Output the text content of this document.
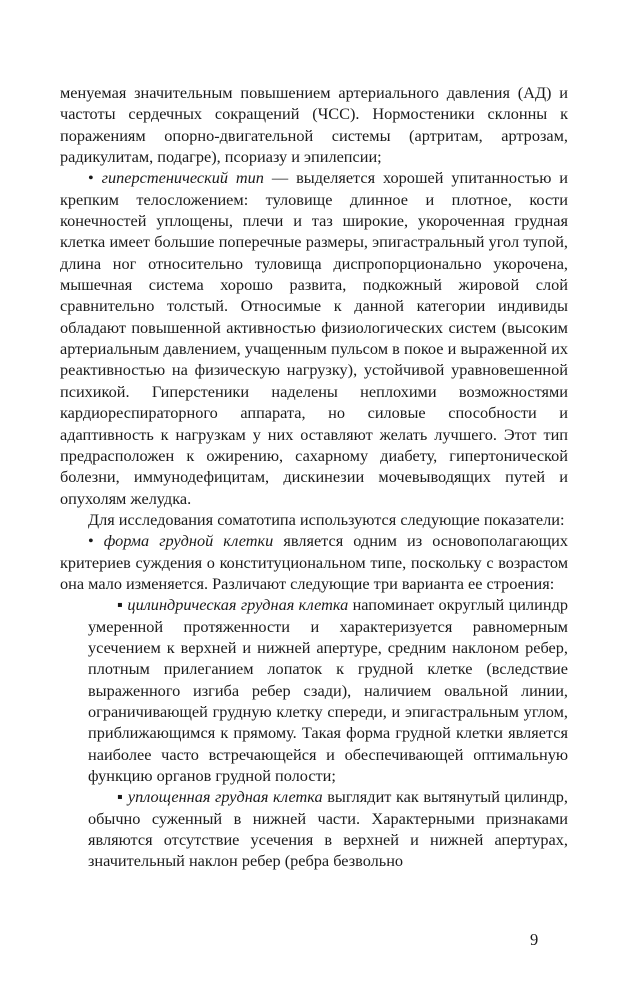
менуемая значительным повышением артериального давления (АД) и частоты сердечных сокращений (ЧСС). Нормостеники склонны к поражениям опорно-двигательной системы (артритам, артрозам, радикулитам, подагре), псориазу и эпилепсии;

• гиперстенический тип — выделяется хорошей упитанностью и крепким телосложением: туловище длинное и плотное, кости конечностей уплощены, плечи и таз широкие, укороченная грудная клетка имеет большие поперечные размеры, эпигастральный угол тупой, длина ног относительно туловища диспропорционально укорочена, мышечная система хорошо развита, подкожный жировой слой сравнительно толстый. Относимые к данной категории индивиды обладают повышенной активностью физиологических систем (высоким артериальным давлением, учащенным пульсом в покое и выраженной их реактивностью на физическую нагрузку), устойчивой уравновешенной психикой. Гиперстеники наделены неплохими возможностями кардиореспираторного аппарата, но силовые способности и адаптивность к нагрузкам у них оставляют желать лучшего. Этот тип предрасположен к ожирению, сахарному диабету, гипертонической болезни, иммунодефицитам, дискинезии мочевыводящих путей и опухолям желудка.

Для исследования соматотипа используются следующие показатели:

• форма грудной клетки является одним из основополагающих критериев суждения о конституциональном типе, поскольку с возрастом она мало изменяется. Различают следующие три варианта ее строения:

▪ цилиндрическая грудная клетка напоминает округлый цилиндр умеренной протяженности и характеризуется равномерным усечением к верхней и нижней апертуре, средним наклоном ребер, плотным прилеганием лопаток к грудной клетке (вследствие выраженного изгиба ребер сзади), наличием овальной линии, ограничивающей грудную клетку спереди, и эпигастральным углом, приближающимся к прямому. Такая форма грудной клетки является наиболее часто встречающейся и обеспечивающей оптимальную функцию органов грудной полости;

▪ уплощенная грудная клетка выглядит как вытянутый цилиндр, обычно суженный в нижней части. Характерными признаками являются отсутствие усечения в верхней и нижней апертурах, значительный наклон ребер (ребра безвольно

9
